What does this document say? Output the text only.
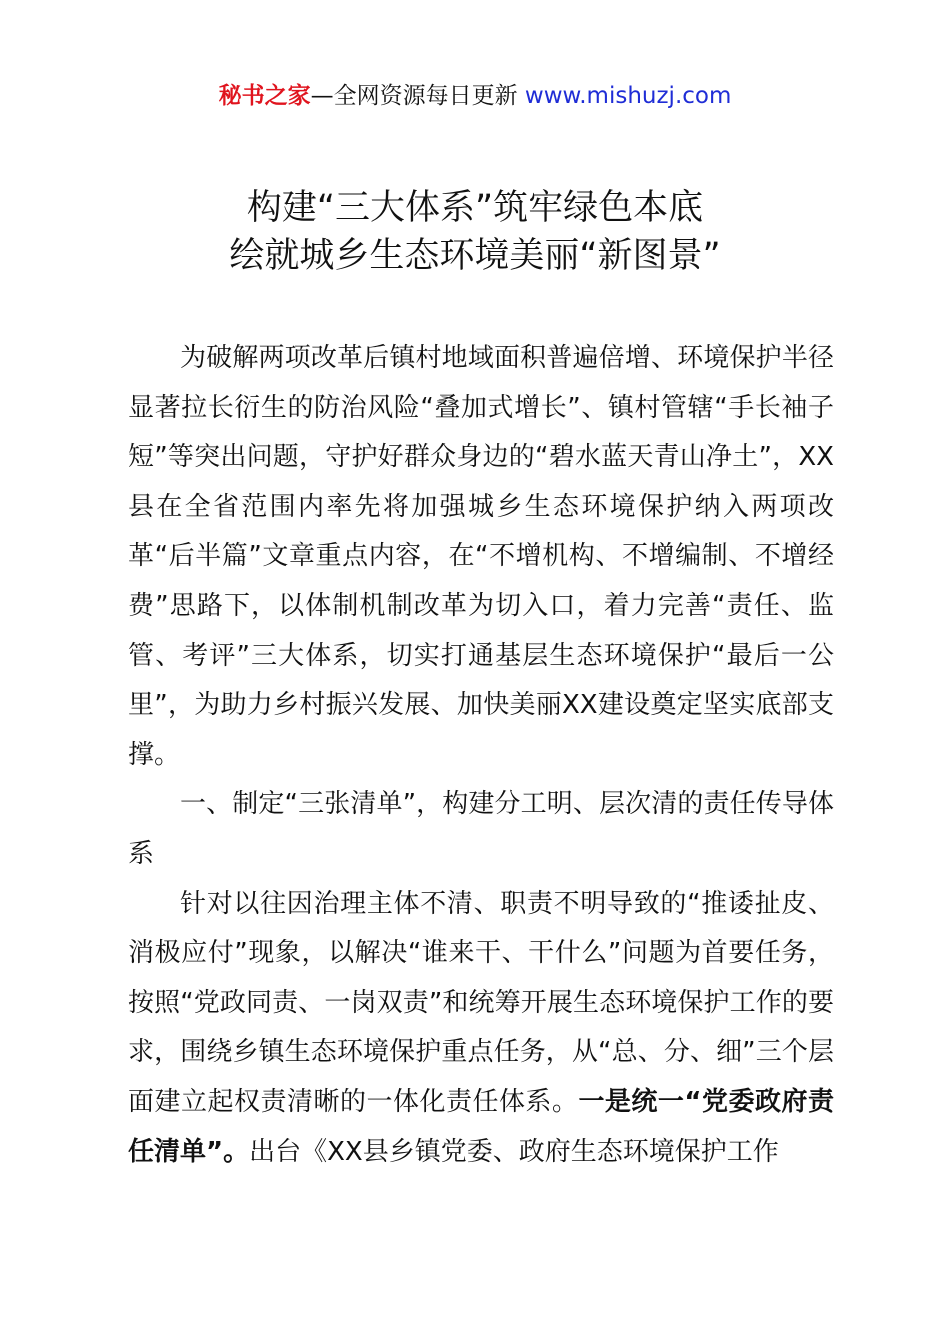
秘书之家—全网资源每日更新 www.mishuzj.com
构建“三大体系”筑牢绿色本底
绘就城乡生态环境美丽“新图景”

为破解两项改革后镇村地域面积普遍倍增、环境保护半径显著拉长衍生的防治风险“叠加式增长”、镇村管辖“手长袖子短”等突出问题，守护好群众身边的“碧水蓝天青山净土”，XX县在全省范围内率先将加强城乡生态环境保护纳入两项改革“后半篇”文章重点内容，在“不增机构、不增编制、不增经费”思路下，以体制机制改革为切入口，着力完善“责任、监管、考评”三大体系，切实打通基层生态环境保护“最后一公里”，为助力乡村振兴发展、加快美丽XX建设奠定坚实底部支撑。

一、制定“三张清单”，构建分工明、层次清的责任传导体系

针对以往因治理主体不清、职责不明导致的“推诿扯皮、消极应付”现象，以解决“谁来干、干什么”问题为首要任务，按照“党政同责、一岗双责”和统筹开展生态环境保护工作的要求，围绕乡镇生态环境保护重点任务，从“总、分、细”三个层面建立起权责清晰的一体化责任体系。一是统一“党委政府责任清单”。出台《XX县乡镇党委、政府生态环境保护工作
